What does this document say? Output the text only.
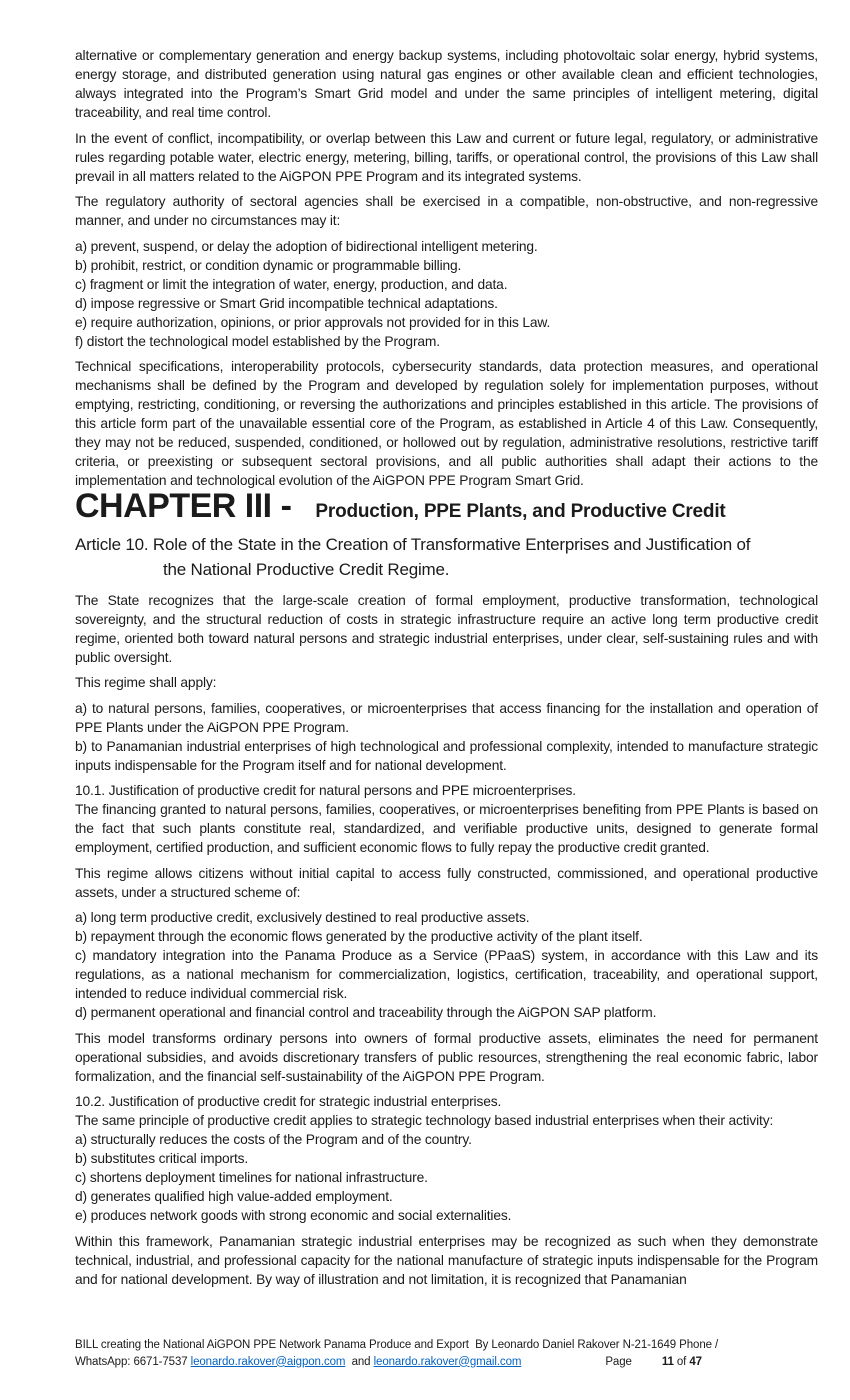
alternative or complementary generation and energy backup systems, including photovoltaic solar energy, hybrid systems, energy storage, and distributed generation using natural gas engines or other available clean and efficient technologies, always integrated into the Program’s Smart Grid model and under the same principles of intelligent metering, digital traceability, and real time control.

In the event of conflict, incompatibility, or overlap between this Law and current or future legal, regulatory, or administrative rules regarding potable water, electric energy, metering, billing, tariffs, or operational control, the provisions of this Law shall prevail in all matters related to the AiGPON PPE Program and its integrated systems.

The regulatory authority of sectoral agencies shall be exercised in a compatible, non-obstructive, and non-regressive manner, and under no circumstances may it:

a) prevent, suspend, or delay the adoption of bidirectional intelligent metering.
b) prohibit, restrict, or condition dynamic or programmable billing.
c) fragment or limit the integration of water, energy, production, and data.
d) impose regressive or Smart Grid incompatible technical adaptations.
e) require authorization, opinions, or prior approvals not provided for in this Law.
f) distort the technological model established by the Program.

Technical specifications, interoperability protocols, cybersecurity standards, data protection measures, and operational mechanisms shall be defined by the Program and developed by regulation solely for implementation purposes, without emptying, restricting, conditioning, or reversing the authorizations and principles established in this article. The provisions of this article form part of the unavailable essential core of the Program, as established in Article 4 of this Law. Consequently, they may not be reduced, suspended, conditioned, or hollowed out by regulation, administrative resolutions, restrictive tariff criteria, or preexisting or subsequent sectoral provisions, and all public authorities shall adapt their actions to the implementation and technological evolution of the AiGPON PPE Program Smart Grid.

CHAPTER III - Production, PPE Plants, and Productive Credit
Article 10. Role of the State in the Creation of Transformative Enterprises and Justification of
the National Productive Credit Regime.

The State recognizes that the large-scale creation of formal employment, productive transformation, technological sovereignty, and the structural reduction of costs in strategic infrastructure require an active long term productive credit regime, oriented both toward natural persons and strategic industrial enterprises, under clear, self-sustaining rules and with public oversight.

This regime shall apply:

a) to natural persons, families, cooperatives, or microenterprises that access financing for the installation and operation of PPE Plants under the AiGPON PPE Program.
b) to Panamanian industrial enterprises of high technological and professional complexity, intended to manufacture strategic inputs indispensable for the Program itself and for national development.
10.1. Justification of productive credit for natural persons and PPE microenterprises.
The financing granted to natural persons, families, cooperatives, or microenterprises benefiting from PPE Plants is based on the fact that such plants constitute real, standardized, and verifiable productive units, designed to generate formal employment, certified production, and sufficient economic flows to fully repay the productive credit granted.

This regime allows citizens without initial capital to access fully constructed, commissioned, and operational productive assets, under a structured scheme of:

a) long term productive credit, exclusively destined to real productive assets.
b) repayment through the economic flows generated by the productive activity of the plant itself.
c) mandatory integration into the Panama Produce as a Service (PPaaS) system, in accordance with this Law and its regulations, as a national mechanism for commercialization, logistics, certification, traceability, and operational support, intended to reduce individual commercial risk.
d) permanent operational and financial control and traceability through the AiGPON SAP platform.

This model transforms ordinary persons into owners of formal productive assets, eliminates the need for permanent operational subsidies, and avoids discretionary transfers of public resources, strengthening the real economic fabric, labor formalization, and the financial self-sustainability of the AiGPON PPE Program.

10.2. Justification of productive credit for strategic industrial enterprises.
The same principle of productive credit applies to strategic technology based industrial enterprises when their activity:
a) structurally reduces the costs of the Program and of the country.
b) substitutes critical imports.
c) shortens deployment timelines for national infrastructure.
d) generates qualified high value-added employment.
e) produces network goods with strong economic and social externalities.

Within this framework, Panamanian strategic industrial enterprises may be recognized as such when they demonstrate technical, industrial, and professional capacity for the national manufacture of strategic inputs indispensable for the Program and for national development. By way of illustration and not limitation, it is recognized that Panamanian

BILL creating the National AiGPON PPE Network Panama Produce and Export  By Leonardo Daniel Rakover N-21-1649 Phone /
WhatsApp: 6671-7537 leonardo.rakover@aigpon.com  and leonardo.rakover@gmail.com	Page	11 of 47
